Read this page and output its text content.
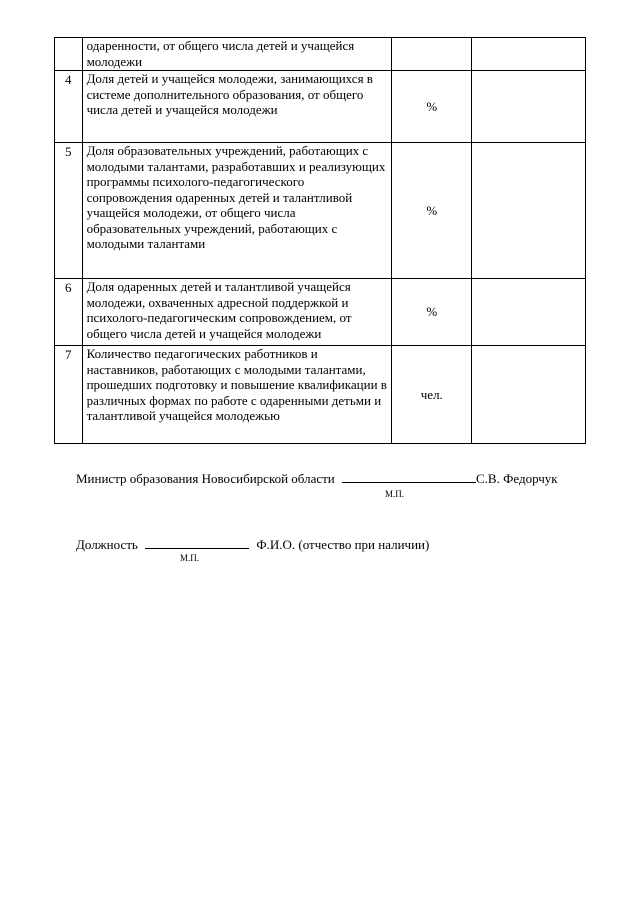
	одаренности, от общего числа детей и учащейся молодежи		
4	Доля детей и учащейся молодежи, занимающихся в системе дополнительного образования, от общего числа детей и учащейся молодежи	%	
5	Доля образовательных учреждений, работающих с молодыми талантами, разработавших и реализующих программы психолого-педагогического сопровождения одаренных детей и талантливой учащейся молодежи, от общего числа образовательных учреждений, работающих с молодыми талантами	%	
6	Доля одаренных детей и талантливой учащейся молодежи, охваченных адресной поддержкой и психолого-педагогическим сопровождением, от общего числа детей и учащейся молодежи	%	
7	Количество педагогических работников и наставников, работающих с молодыми талантами, прошедших подготовку и повышение квалификации в различных формах по работе с одаренными детьми и талантливой учащейся молодежью	чел.	
Министр образования Новосибирской области	С.В. Федорчук
М.П.
Должность	Ф.И.О. (отчество при наличии)
М.П.
